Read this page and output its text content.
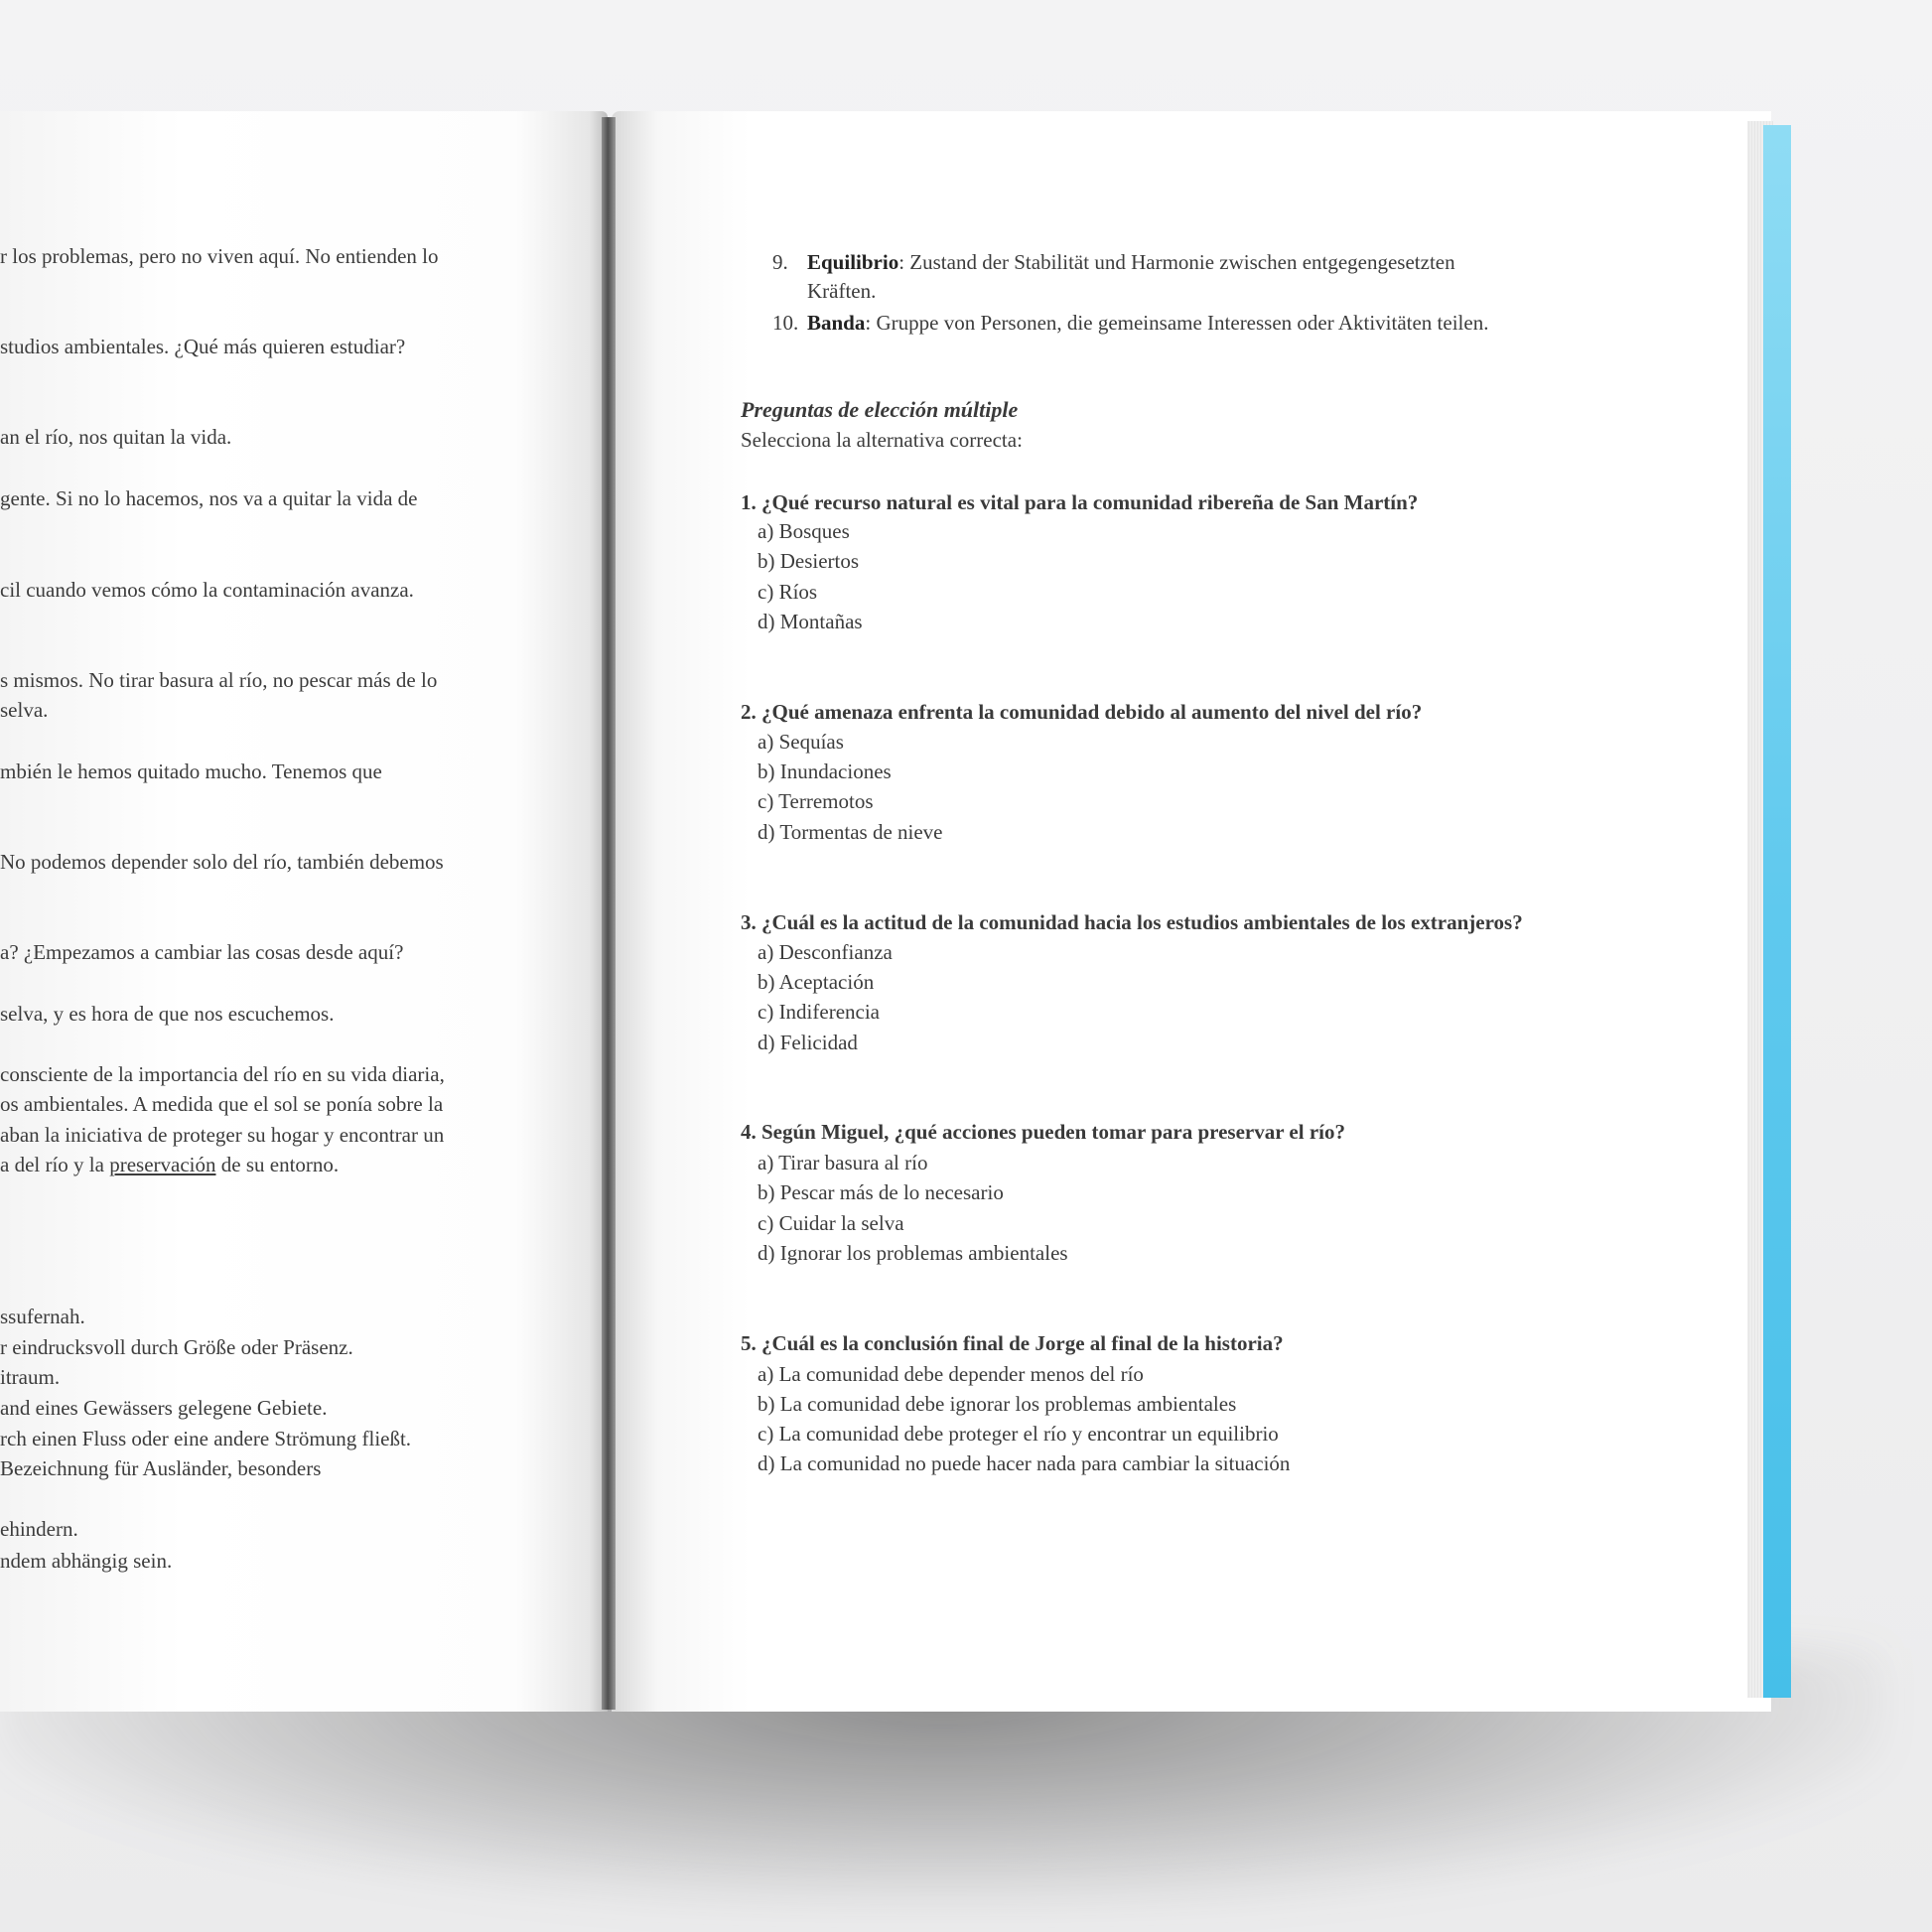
r los problemas, pero no viven aquí. No entienden lo
studios ambientales. ¿Qué más quieren estudiar?
an el río, nos quitan la vida.
gente. Si no lo hacemos, nos va a quitar la vida de
cil cuando vemos cómo la contaminación avanza.
s mismos. No tirar basura al río, no pescar más de lo
selva.
mbién le hemos quitado mucho. Tenemos que
No podemos depender solo del río, también debemos
a? ¿Empezamos a cambiar las cosas desde aquí?
selva, y es hora de que nos escuchemos.
consciente de la importancia del río en su vida diaria,
os ambientales. A medida que el sol se ponía sobre la
aban la iniciativa de proteger su hogar y encontrar un
a del río y la preservación de su entorno.
ssufernah.
r eindrucksvoll durch Größe oder Präsenz.
itraum.
and eines Gewässers gelegene Gebiete.
rch einen Fluss oder eine andere Strömung fließt.
Bezeichnung für Ausländer, besonders
ehindern.
ndem abhängig sein.
9. Equilibrio: Zustand der Stabilität und Harmonie zwischen entgegengesetzten
Kräften.
10. Banda: Gruppe von Personen, die gemeinsame Interessen oder Aktivitäten teilen.
Preguntas de elección múltiple
Selecciona la alternativa correcta:
1. ¿Qué recurso natural es vital para la comunidad ribereña de San Martín?
a) Bosques
b) Desiertos
c) Ríos
d) Montañas
2. ¿Qué amenaza enfrenta la comunidad debido al aumento del nivel del río?
a) Sequías
b) Inundaciones
c) Terremotos
d) Tormentas de nieve
3. ¿Cuál es la actitud de la comunidad hacia los estudios ambientales de los extranjeros?
a) Desconfianza
b) Aceptación
c) Indiferencia
d) Felicidad
4. Según Miguel, ¿qué acciones pueden tomar para preservar el río?
a) Tirar basura al río
b) Pescar más de lo necesario
c) Cuidar la selva
d) Ignorar los problemas ambientales
5. ¿Cuál es la conclusión final de Jorge al final de la historia?
a) La comunidad debe depender menos del río
b) La comunidad debe ignorar los problemas ambientales
c) La comunidad debe proteger el río y encontrar un equilibrio
d) La comunidad no puede hacer nada para cambiar la situación
